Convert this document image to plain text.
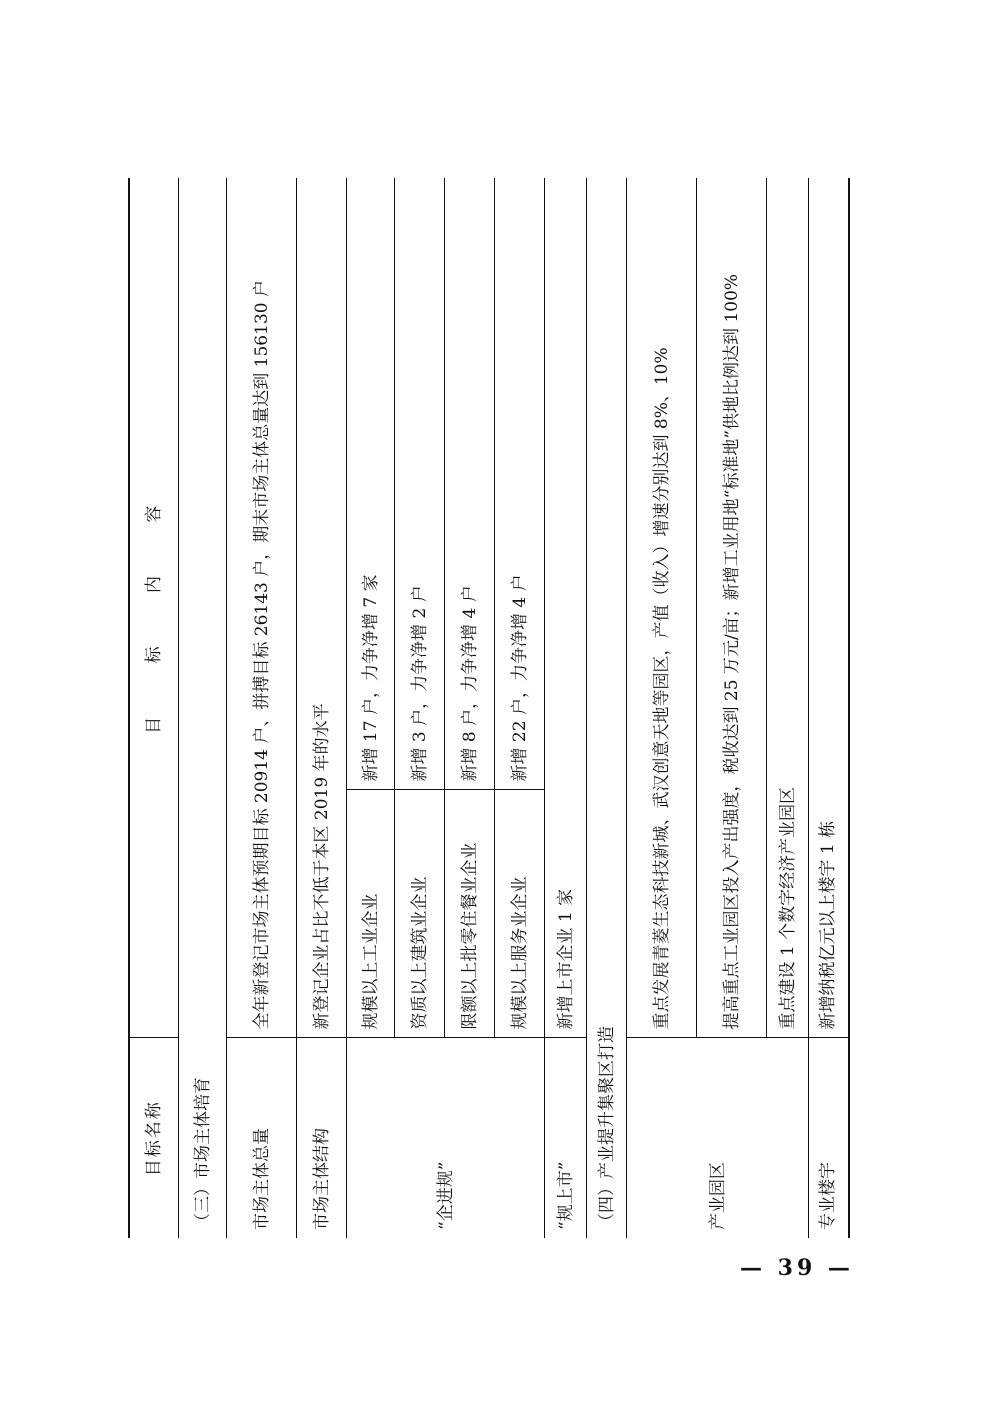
目标名称	目 标 内 容	
（三）市场主体培育		
市场主体总量	全年新登记市场主体预期目标 20914 户、拼搏目标 26143 户，期末市场主体总量达到 156130 户	
市场主体结构	新登记企业占比不低于本区 2019 年的水平	
“企进规”	规模以上工业企业	新增 17 户，力争净增 7 家
	资质以上建筑业企业	新增 3 户，力争净增 2 户
	限额以上批零住餐业企业	新增 8 户，力争净增 4 户
	规模以上服务业企业	新增 22 户，力争净增 4 户
“规上市”	新增上市企业 1 家	
（四）产业提升集聚区打造		
产业园区	重点发展青菱生态科技新城、武汉创意天地等园区，产值（收入）增速分别达到 8%、10%	
	提高重点工业园区投入产出强度，税收达到 25 万元/亩；新增工业用地“标准地”供地比例达到 100%	
	重点建设 1 个数字经济产业园区	
专业楼宇	新增纳税亿元以上楼宇 1 栋	
— 39 —
